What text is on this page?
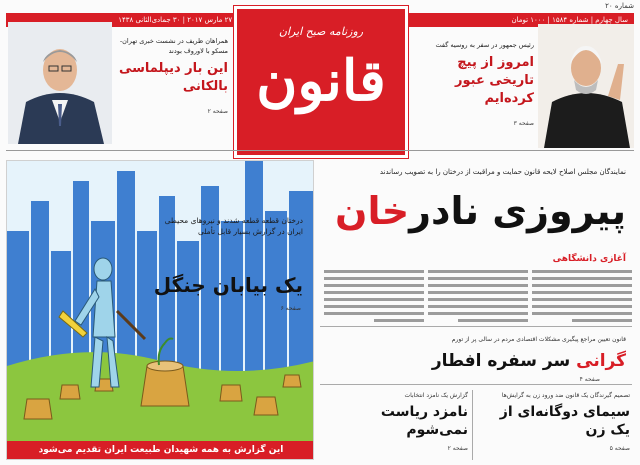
شماره ۲۰
سال چهارم | شماره ۱۵۸۴ | ۱۰۰۰ تومان
۲۷ مارس ۲۰۱۷ | ۳۰ جمادی‌الثانی ۱۴۳۸
روزنامه صبح ایران
قانون
همراهان ظریف در نشست خبری تهران-مسکو با لاوروف بودند
این بار دیپلماسی بالکانی
صفحه ۲
رئیس جمهور در سفر به روسیه گفت
امروز از پیچ تاریخی عبور کرده‌ایم
صفحه ۳
نمایندگان مجلس اصلاح لایحه قانون حمایت و مراقبت از درختان را به تصویب رساندند
پیروزی نادرخان
آغازی دانشگاهی
قانون تعیین مراجع پیگیری مشکلات اقتصادی مردم در سالی پر از تورم
گرانی سر سفره افطار
صفحه ۴
تصمیم گیرندگان یک قانون ضد ورود زن به گرایش‌ها
سیمای دوگانه‌ای از یک زن
صفحه ۵
گزارش یک نامزد انتخابات
نامزد ریاست نمی‌شوم
صفحه ۲
درختان قطعه قطعه شدند و نیروهای محیطی ایران در گزارش بسیار قابل تأملی
یک بیابان جنگل
صفحه ۶
این گزارش به همه شهیدان طبیعت ایران تقدیم می‌شود
